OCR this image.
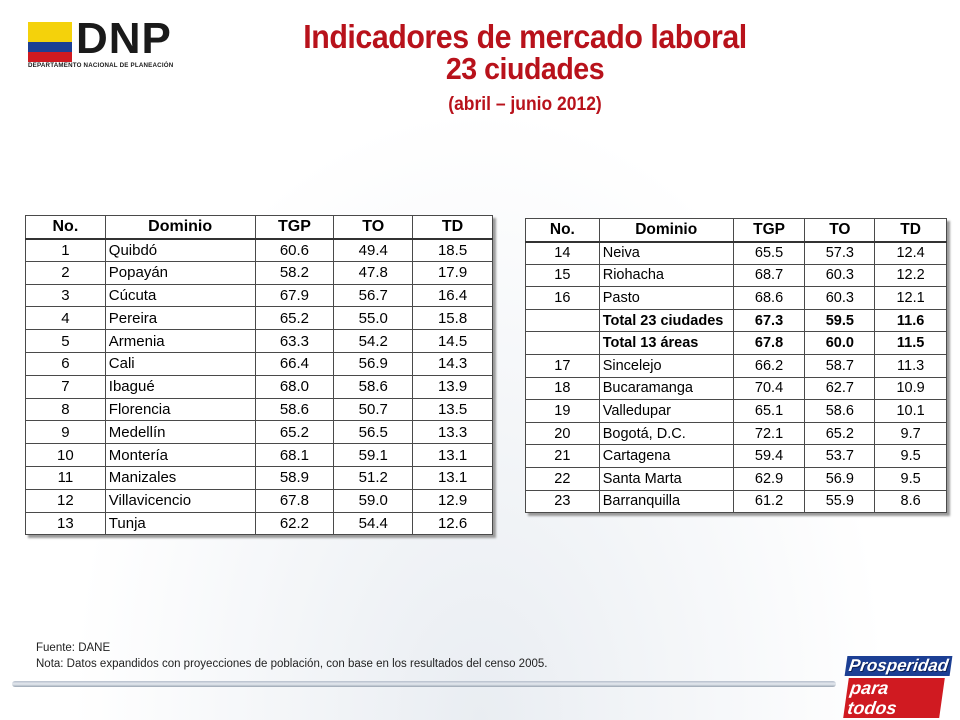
DNP
DEPARTAMENTO NACIONAL DE PLANEACIÓN
Indicadores de mercado laboral
23 ciudades
(abril – junio 2012)
No.	Dominio	TGP	TO	TD
1	Quibdó	60.6	49.4	18.5
2	Popayán	58.2	47.8	17.9
3	Cúcuta	67.9	56.7	16.4
4	Pereira	65.2	55.0	15.8
5	Armenia	63.3	54.2	14.5
6	Cali	66.4	56.9	14.3
7	Ibagué	68.0	58.6	13.9
8	Florencia	58.6	50.7	13.5
9	Medellín	65.2	56.5	13.3
10	Montería	68.1	59.1	13.1
11	Manizales	58.9	51.2	13.1
12	Villavicencio	67.8	59.0	12.9
13	Tunja	62.2	54.4	12.6
No.	Dominio	TGP	TO	TD
14	Neiva	65.5	57.3	12.4
15	Riohacha	68.7	60.3	12.2
16	Pasto	68.6	60.3	12.1
	Total 23 ciudades	67.3	59.5	11.6
	Total 13 áreas	67.8	60.0	11.5
17	Sincelejo	66.2	58.7	11.3
18	Bucaramanga	70.4	62.7	10.9
19	Valledupar	65.1	58.6	10.1
20	Bogotá, D.C.	72.1	65.2	9.7
21	Cartagena	59.4	53.7	9.5
22	Santa Marta	62.9	56.9	9.5
23	Barranquilla	61.2	55.9	8.6
Fuente: DANE
Nota: Datos expandidos con proyecciones de población, con base en los resultados del censo 2005.	Prosperidad
para todos
